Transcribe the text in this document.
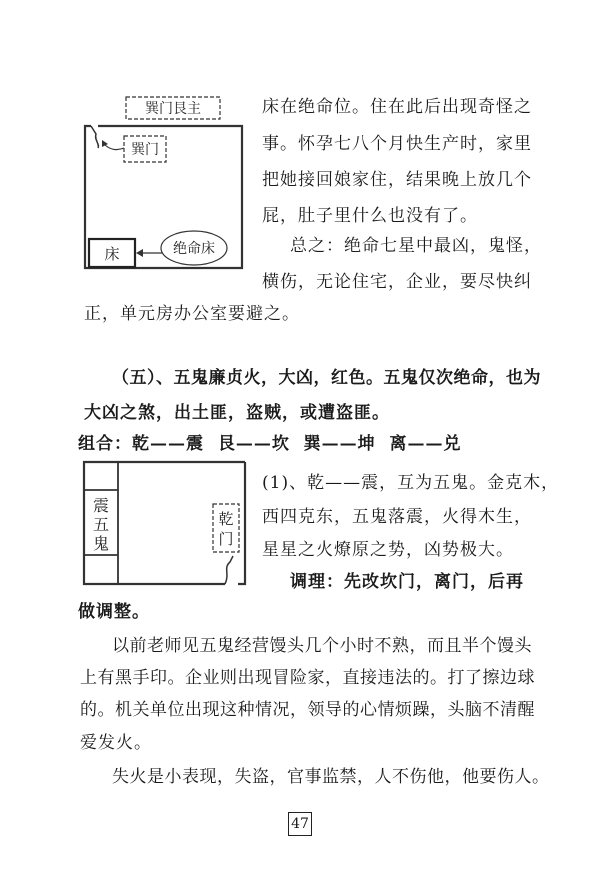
巽门艮主
巽门
床	绝命床
床在绝命位。住在此后出现奇怪之
事。怀孕七八个月快生产时，家里
把她接回娘家住，结果晚上放几个
屁，肚子里什么也没有了。
总之：绝命七星中最凶，鬼怪，
横伤，无论住宅，企业，要尽快纠
正，单元房办公室要避之。
（五）、五鬼廉贞火，大凶，红色。五鬼仅次绝命，也为
大凶之煞，出土匪，盗贼，或遭盗匪。
组合：乾——震  艮——坎  巽——坤  离——兑
震
五
鬼
乾
门
(1)、乾——震，互为五鬼。金克木，
西四克东，五鬼落震，火得木生，
星星之火燎原之势，凶势极大。
调理：先改坎门，离门，后再
做调整。
以前老师见五鬼经营馒头几个小时不熟，而且半个馒头
上有黑手印。企业则出现冒险家，直接违法的。打了擦边球
的。机关单位出现这种情况，领导的心情烦躁，头脑不清醒
爱发火。
失火是小表现，失盗，官事监禁，人不伤他，他要伤人。
47
